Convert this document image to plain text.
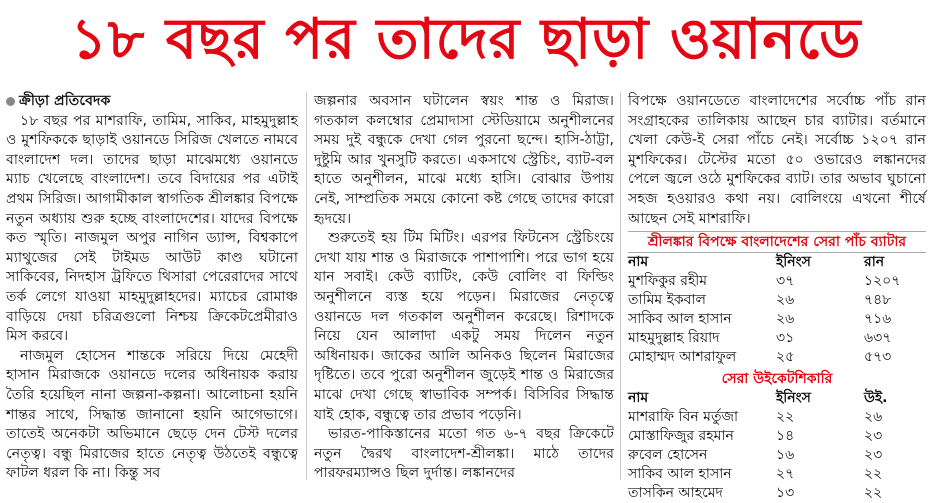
১৮ বছর পর তাদের ছাড়া ওয়ানডে
ক্রীড়া প্রতিবেদক

১৮ বছর পর মাশরাফি, তামিম, সাকিব, মাহমুদুল্লাহ ও মুশফিককে ছাড়াই ওয়ানডে সিরিজ খেলতে নামবে বাংলাদেশ দল। তাদের ছাড়া মাঝেমধ্যে ওয়ানডে ম্যাচ খেলেছে বাংলাদেশ। তবে বিদায়ের পর এটাই প্রথম সিরিজ। আগামীকাল স্বাগতিক শ্রীলঙ্কার বিপক্ষে নতুন অধ্যায় শুরু হচ্ছে বাংলাদেশের। যাদের বিপক্ষে কত স্মৃতি। নাজমুল অপুর নাগিন ড্যান্স, বিশ্বকাপে ম্যাথুজের সেই টাইমড আউট কাণ্ড ঘটানো সাকিবের, নিদহাস ট্রফিতে থিসারা পেরেরাদের সাথে তর্ক লেগে যাওয়া মাহমুদুল্লাহদের। ম্যাচের রোমাঞ্চ বাড়িয়ে দেয়া চরিত্রগুলো নিশ্চয় ক্রিকেটপ্রেমীরাও মিস করবে।

নাজমুল হোসেন শান্তকে সরিয়ে দিয়ে মেহেদী হাসান মিরাজকে ওয়ানডে দলের অধিনায়ক করায় তৈরি হয়েছিল নানা জল্পনা-কল্পনা। আলোচনা হয়নি শান্তর সাথে, সিদ্ধান্ত জানানো হয়নি আগেভাগে। তাতেই অনেকটা অভিমানে ছেড়ে দেন টেস্ট দলের নেতৃত্ব। বন্ধু মিরাজের হাতে নেতৃত্ব উঠতেই বন্ধুত্বে ফাটল ধরল কি না। কিন্তু সব

জল্পনার অবসান ঘটালেন স্বয়ং শান্ত ও মিরাজ। গতকাল কলম্বোর প্রেমাদাসা স্টেডিয়ামে অনুশীলনের সময় দুই বন্ধুকে দেখা গেল পুরনো ছন্দে। হাসি-ঠাট্টা, দুষ্টুমি আর খুনসুটি করতে। একসাথে স্ট্রেচিং, ব্যাট-বল হাতে অনুশীলন, মাঝে মধ্যে হাসি। বোঝার উপায় নেই, সাম্প্রতিক সময়ে কোনো কষ্ট গেছে তাদের কারো হৃদয়ে।

শুরুতেই হয় টিম মিটিং। এরপর ফিটনেস স্ট্রেচিংয়ে দেখা যায় শান্ত ও মিরাজকে পাশাপাশি। পরে ভাগ হয়ে যান সবাই। কেউ ব্যাটিং, কেউ বোলিং বা ফিল্ডিং অনুশীলনে ব্যস্ত হয়ে পড়েন। মিরাজের নেতৃত্বে ওয়ানডে দল গতকাল অনুশীলন করেছে। রিশাদকে নিয়ে যেন আলাদা একটু সময় দিলেন নতুন অধিনায়ক। জাকের আলি অনিকও ছিলেন মিরাজের দৃষ্টিতে। তবে পুরো অনুশীলন জুড়েই শান্ত ও মিরাজের মাঝে দেখা গেছে স্বাভাবিক সম্পর্ক। বিসিবির সিদ্ধান্ত যাই হোক, বন্ধুত্বে তার প্রভাব পড়েনি।

ভারত-পাকিস্তানের মতো গত ৬-৭ বছর ক্রিকেটে নতুন দ্বৈরথ বাংলাদেশ-শ্রীলঙ্কা। মাঠে তাদের পারফরম্যান্সও ছিল দুর্দান্ত। লঙ্কানদের

বিপক্ষে ওয়ানডেতে বাংলাদেশের সর্বোচ্চ পাঁচ রান সংগ্রাহকের তালিকায় আছেন চার ব্যাটার। বর্তমানে খেলা কেউ-ই সেরা পাঁচে নেই। সর্বোচ্চ ১২০৭ রান মুশফিকের। টেস্টের মতো ৫০ ওভারেও লঙ্কানদের পেলে জ্বলে ওঠে মুশফিকের ব্যাট। তার অভাব ঘুচানো সহজ হওয়ারও কথা নয়। বোলিংয়ে এখনো শীর্ষে আছেন সেই মাশরাফি।

শ্রীলঙ্কার বিপক্ষে বাংলাদেশের সেরা পাঁচ ব্যাটার
নাম	ইনিংস	রান
মুশফিকুর রহীম	৩৭	১২০৭
তামিম ইকবাল	২৬	৭৪৮
সাকিব আল হাসান	২৬	৭১৬
মাহমুদুল্লাহ রিয়াদ	৩১	৬৩৭
মোহাম্মদ আশরাফুল	২৫	৫৭৩
সেরা উইকেটশিকারি
নাম	ইনিংস	উই.
মাশরাফি বিন মর্তুজা	২২	২৬
মোস্তাফিজুর রহমান	১৪	২৩
রুবেল হোসেন	১৬	২৩
সাকিব আল হাসান	২৭	২২
তাসকিন আহমেদ	১৩	২২
